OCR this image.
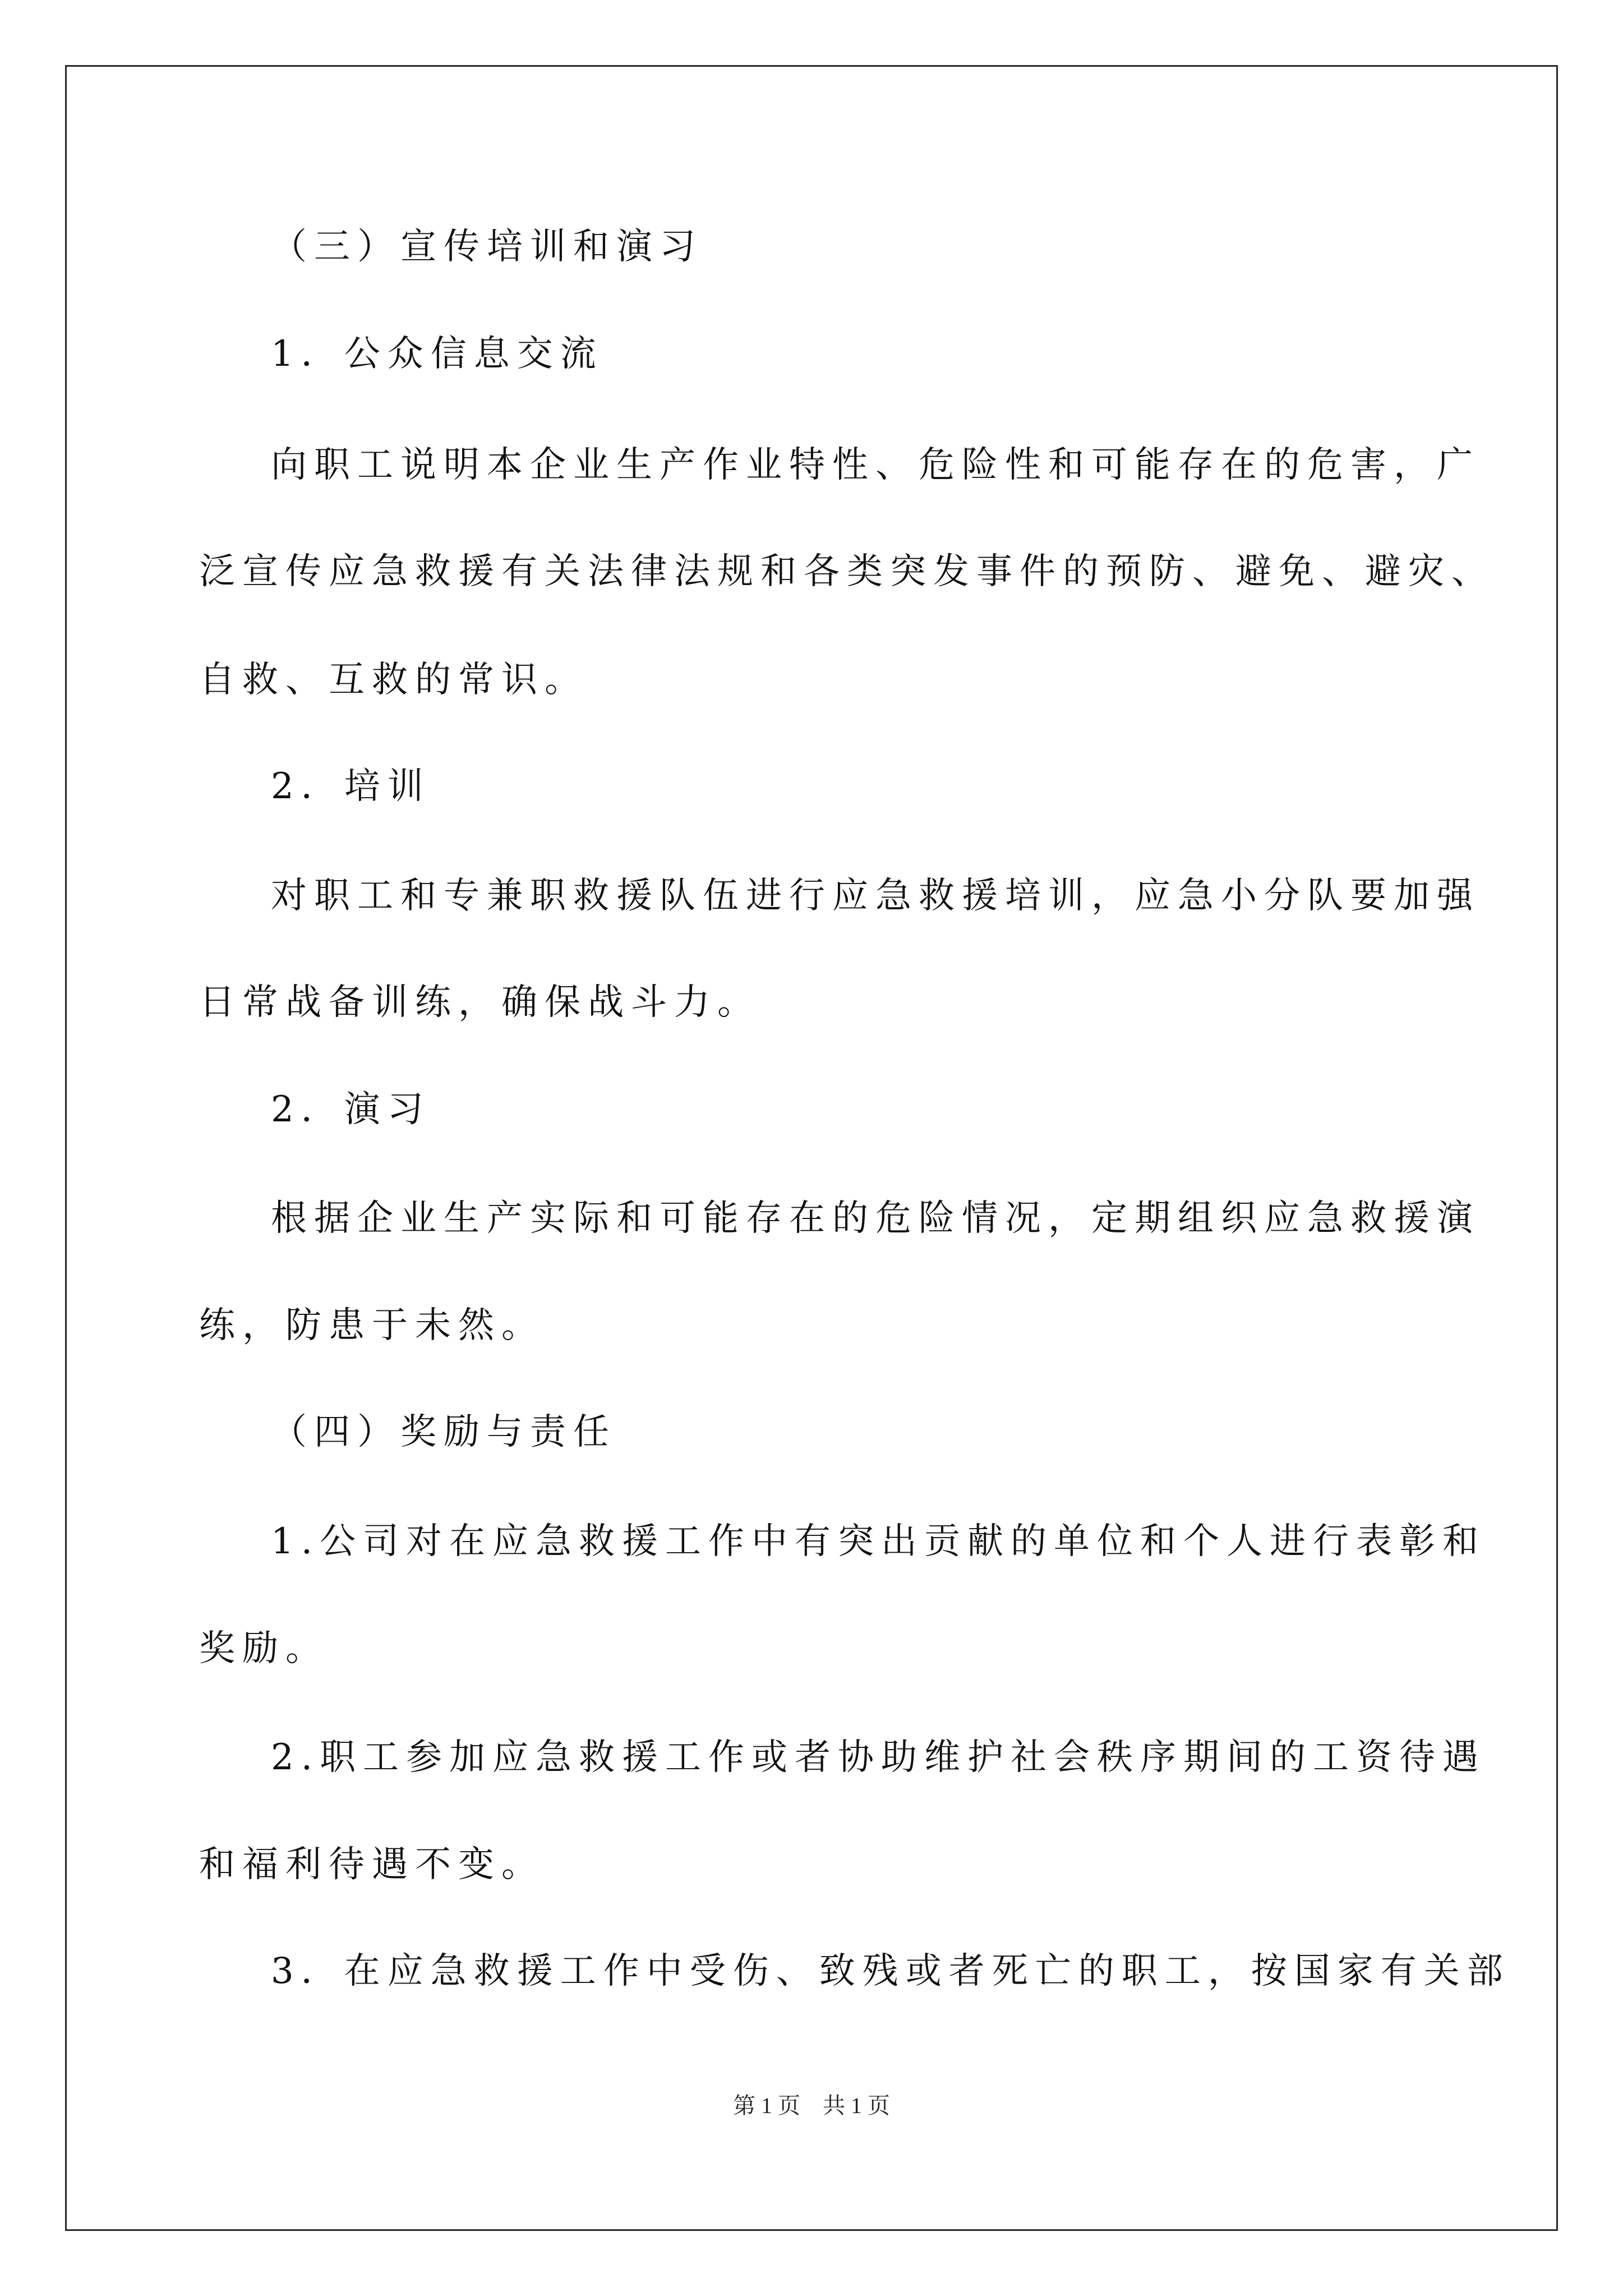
（三）宣传培训和演习
1．公众信息交流
向职工说明本企业生产作业特性、危险性和可能存在的危害，广
泛宣传应急救援有关法律法规和各类突发事件的预防、避免、避灾、
自救、互救的常识。
2．培训
对职工和专兼职救援队伍进行应急救援培训，应急小分队要加强
日常战备训练，确保战斗力。
2．演习
根据企业生产实际和可能存在的危险情况，定期组织应急救援演
练，防患于未然。
（四）奖励与责任
1.公司对在应急救援工作中有突出贡献的单位和个人进行表彰和
奖励。
2.职工参加应急救援工作或者协助维护社会秩序期间的工资待遇
和福利待遇不变。
3．在应急救援工作中受伤、致残或者死亡的职工，按国家有关部
第 1 页　共 1 页
